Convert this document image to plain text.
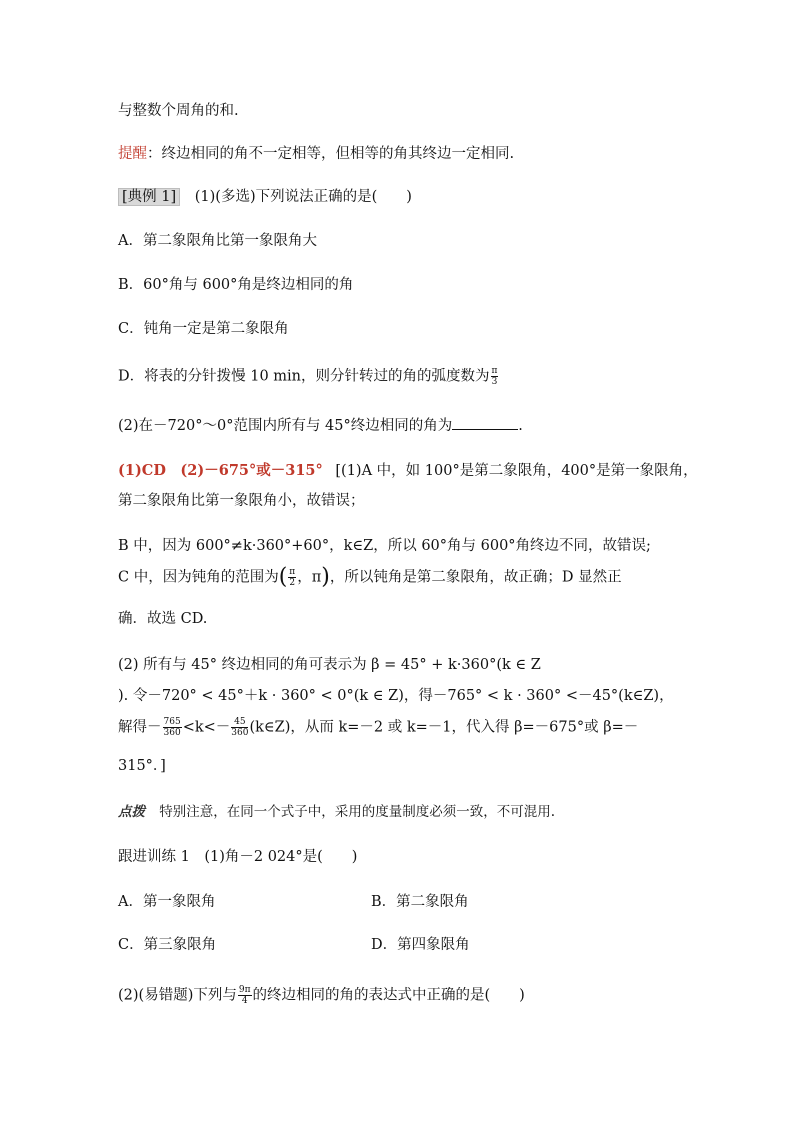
与整数个周角的和.
提醒：终边相同的角不一定相等，但相等的角其终边一定相同.
[典例 1] (1)(多选)下列说法正确的是(　　)
A．第二象限角比第一象限角大
B．60°角与 600°角是终边相同的角
C．钝角一定是第二象限角
D．将表的分针拨慢 10 min，则分针转过的角的弧度数为 $\frac{\pi}{3}$
(2)在－720°～0°范围内所有与 45°终边相同的角为	.
(1)CD　(2)－675°或－315° [(1)A 中，如 100°是第二象限角，400°是第一象限角，
第二象限角比第一象限角小，故错误；
B 中，因为 600°≠k·360°+60°，k∈Z，所以 60°角与 600°角终边不同，故错误;
C 中，因为钝角的范围为( $\frac{\pi}{2}$ ，π)，所以钝角是第二象限角，故正确；D 显然正
确．故选 CD.
(2) 所有与 45° 终边相同的角可表示为 β = 45° + k·360°(k ∈ Z
). 令－720° < 45°＋k · 360° < 0°(k ∈ Z)，得－765° < k · 360° <－45°(k∈Z)，
解得－ $\frac{765}{360} <k<- \frac{45}{360}$ (k∈Z)，从而 k=－2 或 k=－1，代入得 β=－675°或 β=－
315°．]
点拨 特别注意，在同一个式子中，采用的度量制度必须一致，不可混用.
跟进训练 1　(1)角－2 024°是(　　)
A．第一象限角	B．第二象限角
C．第三象限角	D．第四象限角
(2)(易错题)下列与 $\frac{9\pi}{4}$ 的终边相同的角的表达式中正确的是(　　)
